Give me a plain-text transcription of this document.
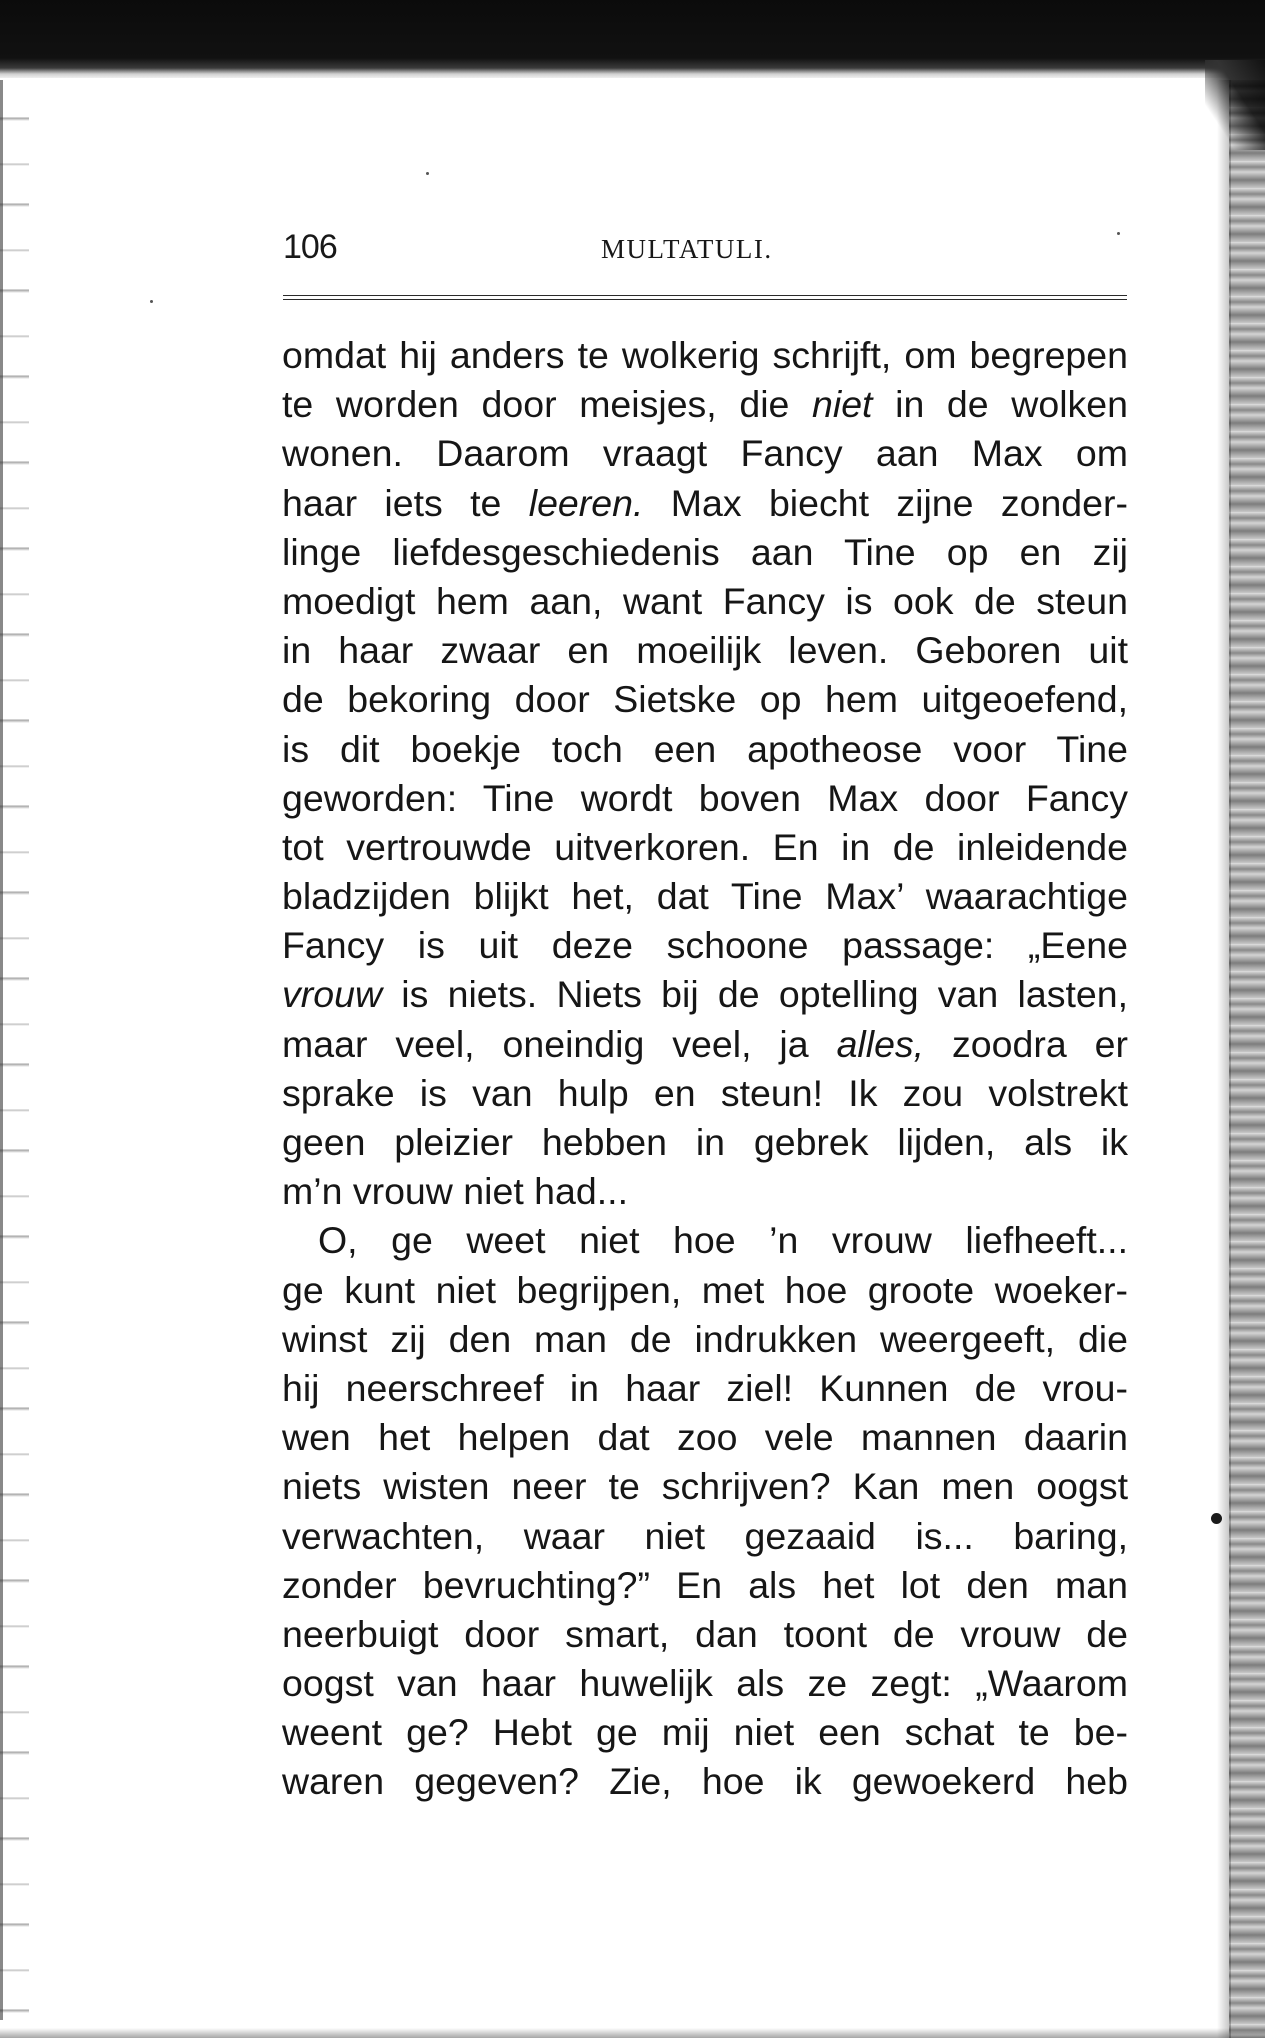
106	MULTATULI.
omdat hij anders te wolkerig schrijft, om begrepen
te worden door meisjes, die niet in de wolken
wonen. Daarom vraagt Fancy aan Max om
haar iets te leeren. Max biecht zijne zonder-
linge liefdesgeschiedenis aan Tine op en zij
moedigt hem aan, want Fancy is ook de steun
in haar zwaar en moeilijk leven. Geboren uit
de bekoring door Sietske op hem uitgeoefend,
is dit boekje toch een apotheose voor Tine
geworden: Tine wordt boven Max door Fancy
tot vertrouwde uitverkoren. En in de inleidende
bladzijden blijkt het, dat Tine Max’ waarachtige
Fancy is uit deze schoone passage: „Eene
vrouw is niets. Niets bij de optelling van lasten,
maar veel, oneindig veel, ja alles, zoodra er
sprake is van hulp en steun! Ik zou volstrekt
geen pleizier hebben in gebrek lijden, als ik
m’n vrouw niet had...
O, ge weet niet hoe ’n vrouw liefheeft...
ge kunt niet begrijpen, met hoe groote woeker-
winst zij den man de indrukken weergeeft, die
hij neerschreef in haar ziel! Kunnen de vrou-
wen het helpen dat zoo vele mannen daarin
niets wisten neer te schrijven? Kan men oogst
verwachten, waar niet gezaaid is... baring,
zonder bevruchting?” En als het lot den man
neerbuigt door smart, dan toont de vrouw de
oogst van haar huwelijk als ze zegt: „Waarom
weent ge? Hebt ge mij niet een schat te be-
waren gegeven? Zie, hoe ik gewoekerd heb
